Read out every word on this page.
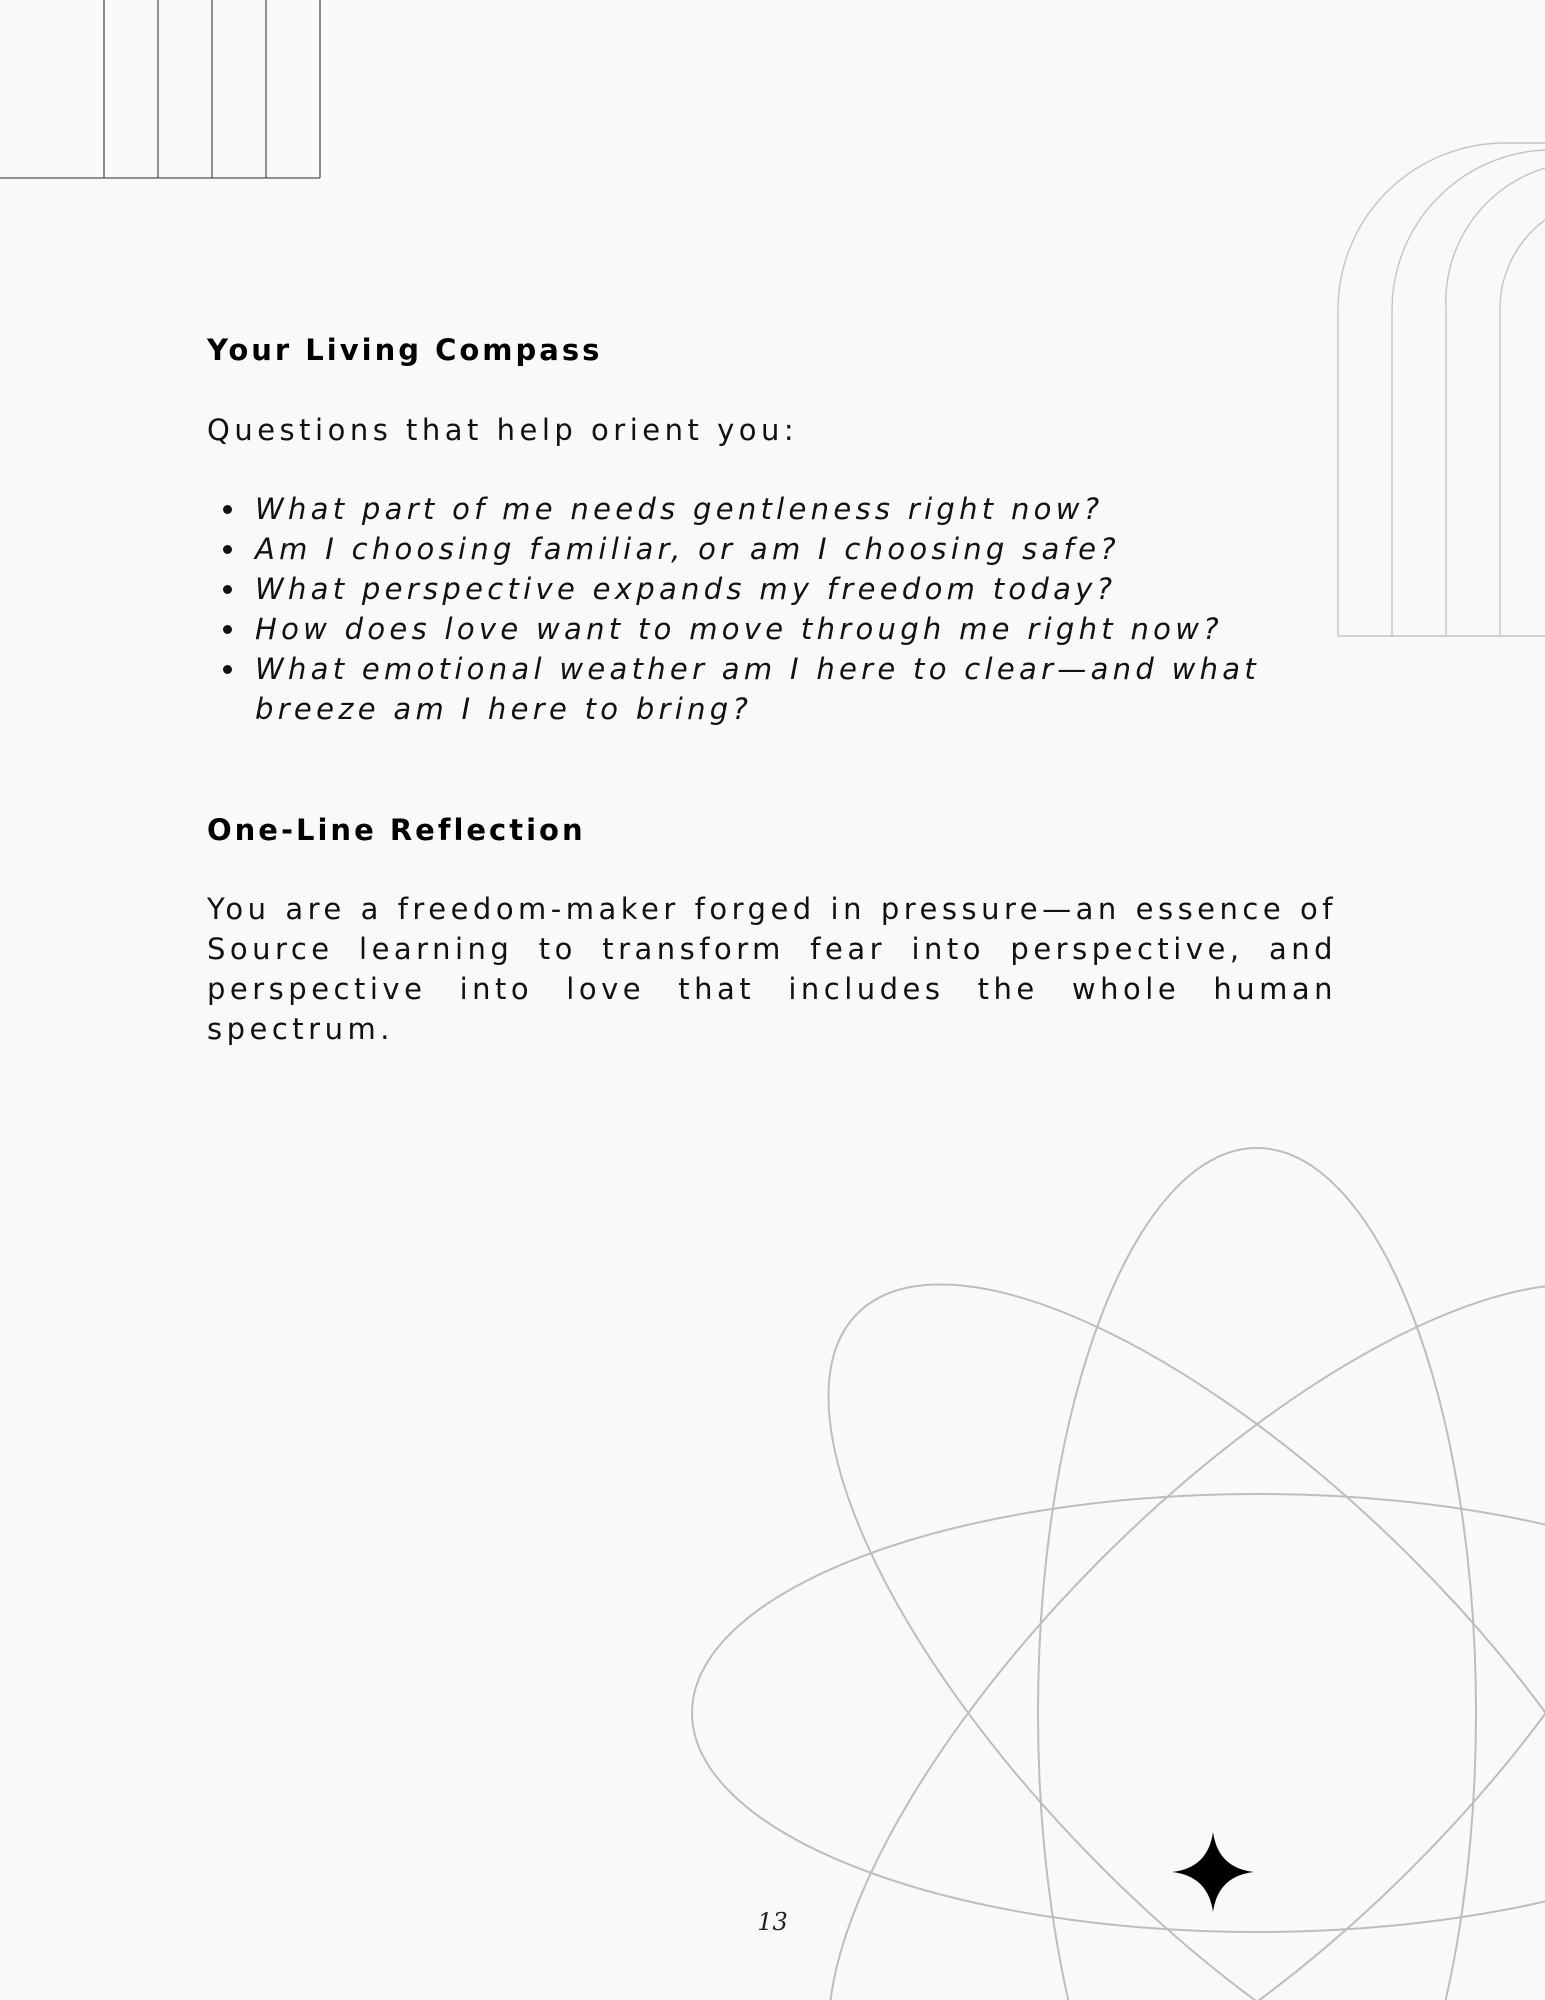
Your Living Compass

Questions that help orient you:

What part of me needs gentleness right now?
Am I choosing familiar, or am I choosing safe?
What perspective expands my freedom today?
How does love want to move through me right now?
What emotional weather am I here to clear—and what breeze am I here to bring?
One-Line Reflection

You are a freedom-maker forged in pressure—an essence of Source learning to transform fear into perspective, and perspective into love that includes the whole human spectrum.

13
